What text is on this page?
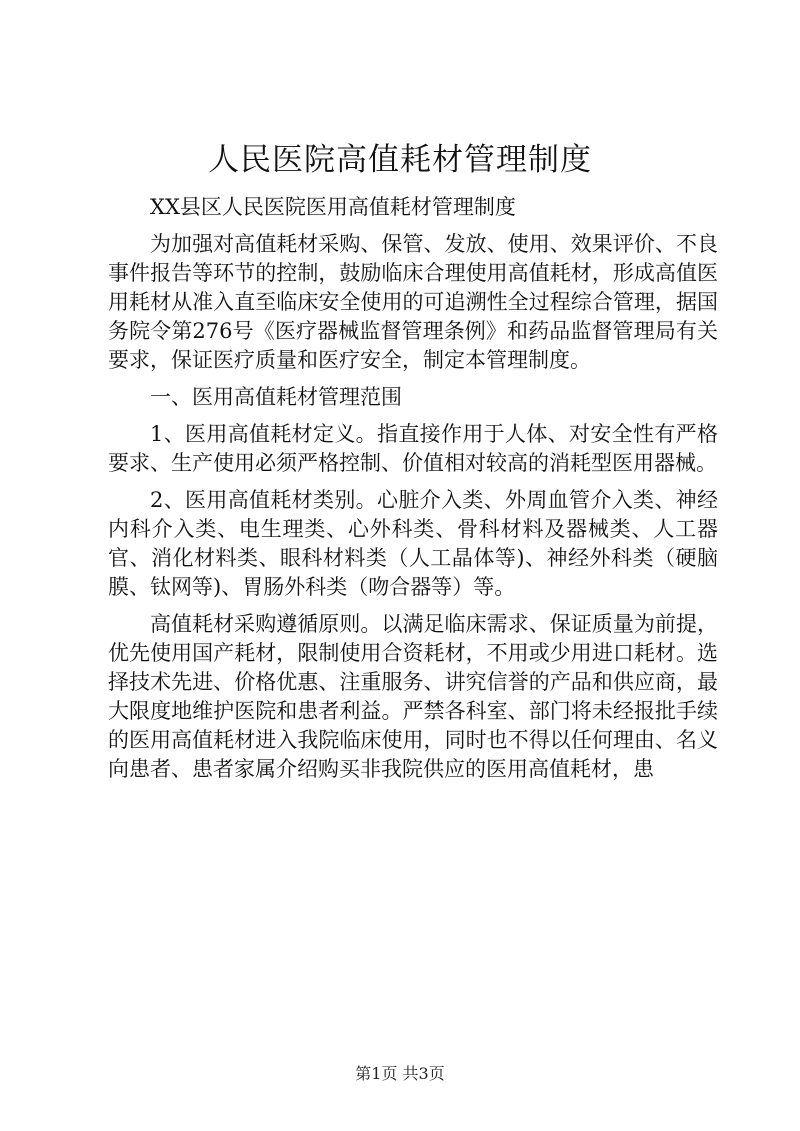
人民医院高值耗材管理制度

XX县区人民医院医用高值耗材管理制度

为加强对高值耗材采购、保管、发放、使用、效果评价、不良事件报告等环节的控制，鼓励临床合理使用高值耗材，形成高值医用耗材从准入直至临床安全使用的可追溯性全过程综合管理，据国务院令第276号《医疗器械监督管理条例》和药品监督管理局有关要求，保证医疗质量和医疗安全，制定本管理制度。

一、医用高值耗材管理范围

1、医用高值耗材定义。指直接作用于人体、对安全性有严格要求、生产使用必须严格控制、价值相对较高的消耗型医用器械。

2、医用高值耗材类别。心脏介入类、外周血管介入类、神经内科介入类、电生理类、心外科类、骨科材料及器械类、人工器官、消化材料类、眼科材料类（人工晶体等)、神经外科类（硬脑膜、钛网等)、胃肠外科类（吻合器等）等。

高值耗材采购遵循原则。以满足临床需求、保证质量为前提，优先使用国产耗材，限制使用合资耗材，不用或少用进口耗材。选择技术先进、价格优惠、注重服务、讲究信誉的产品和供应商，最大限度地维护医院和患者利益。严禁各科室、部门将未经报批手续的医用高值耗材进入我院临床使用，同时也不得以任何理由、名义向患者、患者家属介绍购买非我院供应的医用高值耗材，患

第1页 共3页
